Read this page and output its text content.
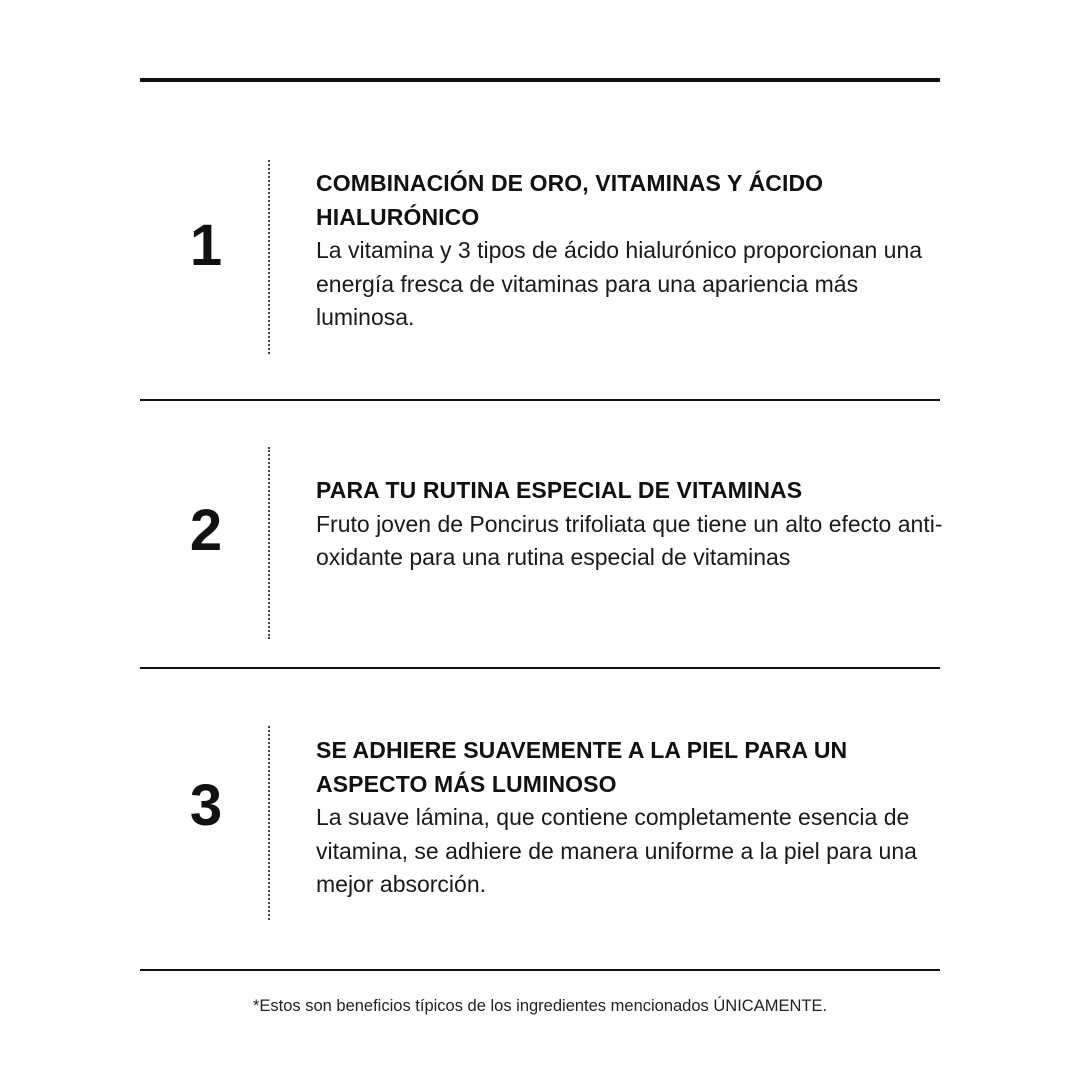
1
COMBINACIÓN DE ORO, VITAMINAS Y ÁCIDO HIALURÓNICO
La vitamina y 3 tipos de ácido hialurónico proporcionan una energía fresca de vitaminas para una apariencia más luminosa.
2
PARA TU RUTINA ESPECIAL DE VITAMINAS
Fruto joven de Poncirus trifoliata que tiene un alto efecto anti-oxidante para una rutina especial de vitaminas
3
SE ADHIERE SUAVEMENTE A LA PIEL PARA UN ASPECTO MÁS LUMINOSO
La suave lámina, que contiene completamente esencia de vitamina, se adhiere de manera uniforme a la piel para una mejor absorción.
*Estos son beneficios típicos de los ingredientes mencionados ÚNICAMENTE.
